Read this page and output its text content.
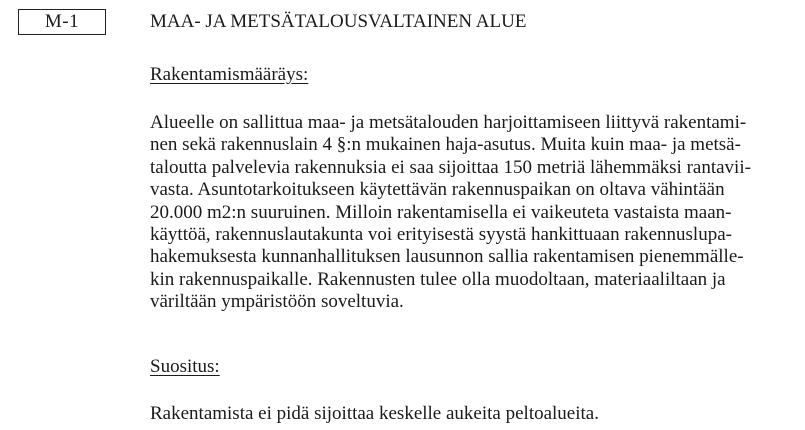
M-1	MAA- JA METSÄTALOUSVALTAINEN ALUE
Rakentamismääräys:
Alueelle on sallittua maa- ja metsätalouden harjoittamiseen liittyvä rakentami-
nen sekä rakennuslain 4 §:n mukainen haja-asutus. Muita kuin maa- ja metsä-
taloutta palvelevia rakennuksia ei saa sijoittaa 150 metriä lähemmäksi rantavii-
vasta. Asuntotarkoitukseen käytettävän rakennuspaikan on oltava vähintään
20.000 m2:n suuruinen. Milloin rakentamisella ei vaikeuteta vastaista maan-
käyttöä, rakennuslautakunta voi erityisestä syystä hankittuaan rakennuslupa-
hakemuksesta kunnanhallituksen lausunnon sallia rakentamisen pienemmälle-
kin rakennuspaikalle. Rakennusten tulee olla muodoltaan, materiaaliltaan ja
väriltään ympäristöön soveltuvia.
Suositus:
Rakentamista ei pidä sijoittaa keskelle aukeita peltoalueita.
